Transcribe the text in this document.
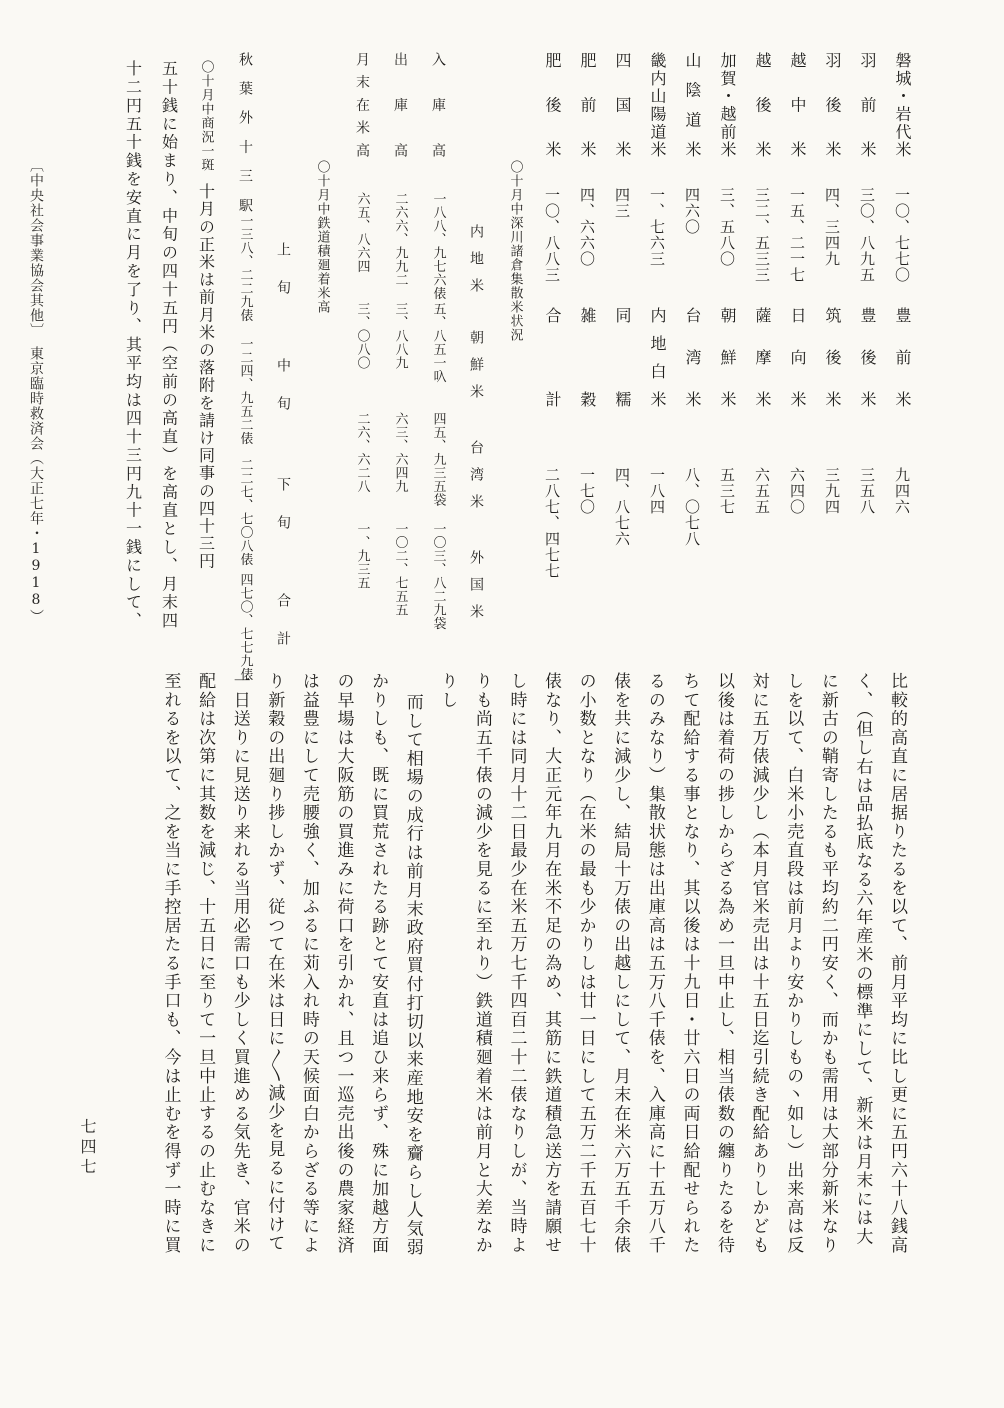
磐城・岩代米
一〇、七七〇
豊前米
九四六
羽前米
三〇、八九五
豊後米
三五八
羽後米
四、三四九
筑後米
三九四
越中米
一五、二一七
日向米
六四〇
越後米
三二、五三三
薩摩米
六五五
加賀・越前米
三、五八〇
朝鮮米
五三七
山陰道米
四六〇
台湾米
八、〇七八
畿内山陽道米
一、七六三
内地白米
一八四
四国米
四三
同糯
四、八七六
肥前米
四、六六〇
雑穀
一七〇
肥後米
一〇、八八三
合計
二八七、四七七
〇十月中深川諸倉集散米状況
内地米
朝鮮米
台湾米
外国米
入庫高
一八八、九七六俵
五、八五一叺
四五、九三五袋
一〇三、八二九袋
出庫高
二六六、九九二
三、八八九
六三、六四九
一〇二、七五五
月末在米高
六五、八六四
三、〇八〇
二六、六二八
一、九三五
〇十月中鉄道積廻着米高
上旬
中旬
下旬
合計
秋葉外十三駅
一三八、二二九俵
一二四、九五二俵
二二七、七〇八俵
四七〇、七七九俵
〇十月中商況一斑
十月の正米は前月米の落附を請け同事の四十三円
五十銭に始まり、中旬の四十五円（空前の高直）を高直とし、月末四
十二円五十銭を安直に月を了り、其平均は四十三円九十一銭にして、
比較的高直に居据りたるを以て、前月平均に比し更に五円六十八銭高
く、（但し右は品払底なる六年産米の標準にして、新米は月末には大
に新古の鞘寄したるも平均約二円安く、而かも需用は大部分新米なり
しを以て、白米小売直段は前月より安かりしもの丶如し）出来高は反
対に五万俵減少し（本月官米売出は十五日迄引続き配給ありしかども
以後は着荷の捗しからざる為め一旦中止し、相当俵数の纏りたるを待
ちて配給する事となり、其以後は十九日・廿六日の両日給配せられた
るのみなり）集散状態は出庫高は五万八千俵を、入庫高に十五万八千
俵を共に減少し、結局十万俵の出越しにして、月末在米六万五千余俵
の小数となり（在米の最も少かりしは廿一日にして五万二千五百七十
俵なり、大正元年九月在米不足の為め、其筋に鉄道積急送方を請願せ
し時には同月十二日最少在米五万七千四百二十二俵なりしが、当時よ
りも尚五千俵の減少を見るに至れり）鉄道積廻着米は前月と大差なか
りし
而して相場の成行は前月末政府買付打切以来産地安を齎らし人気弱
かりしも、既に買荒されたる跡とて安直は追ひ来らず、殊に加越方面
の早場は大阪筋の買進みに荷口を引かれ、且つ一巡売出後の農家経済
は益豊にして売腰強く、加ふるに苅入れ時の天候面白からざる等によ
り新穀の出廻り捗しかず、従つて在米は日に〱減少を見るに付けて
一日送りに見送り来れる当用必需口も少しく買進める気先き、官米の
配給は次第に其数を減じ、十五日に至りて一旦中止するの止むなきに
至れるを以て、之を当に手控居たる手口も、今は止むを得ず一時に買
〔中央社会事業協会其他〕　東京臨時救済会（大正七年・1918）
七四七
